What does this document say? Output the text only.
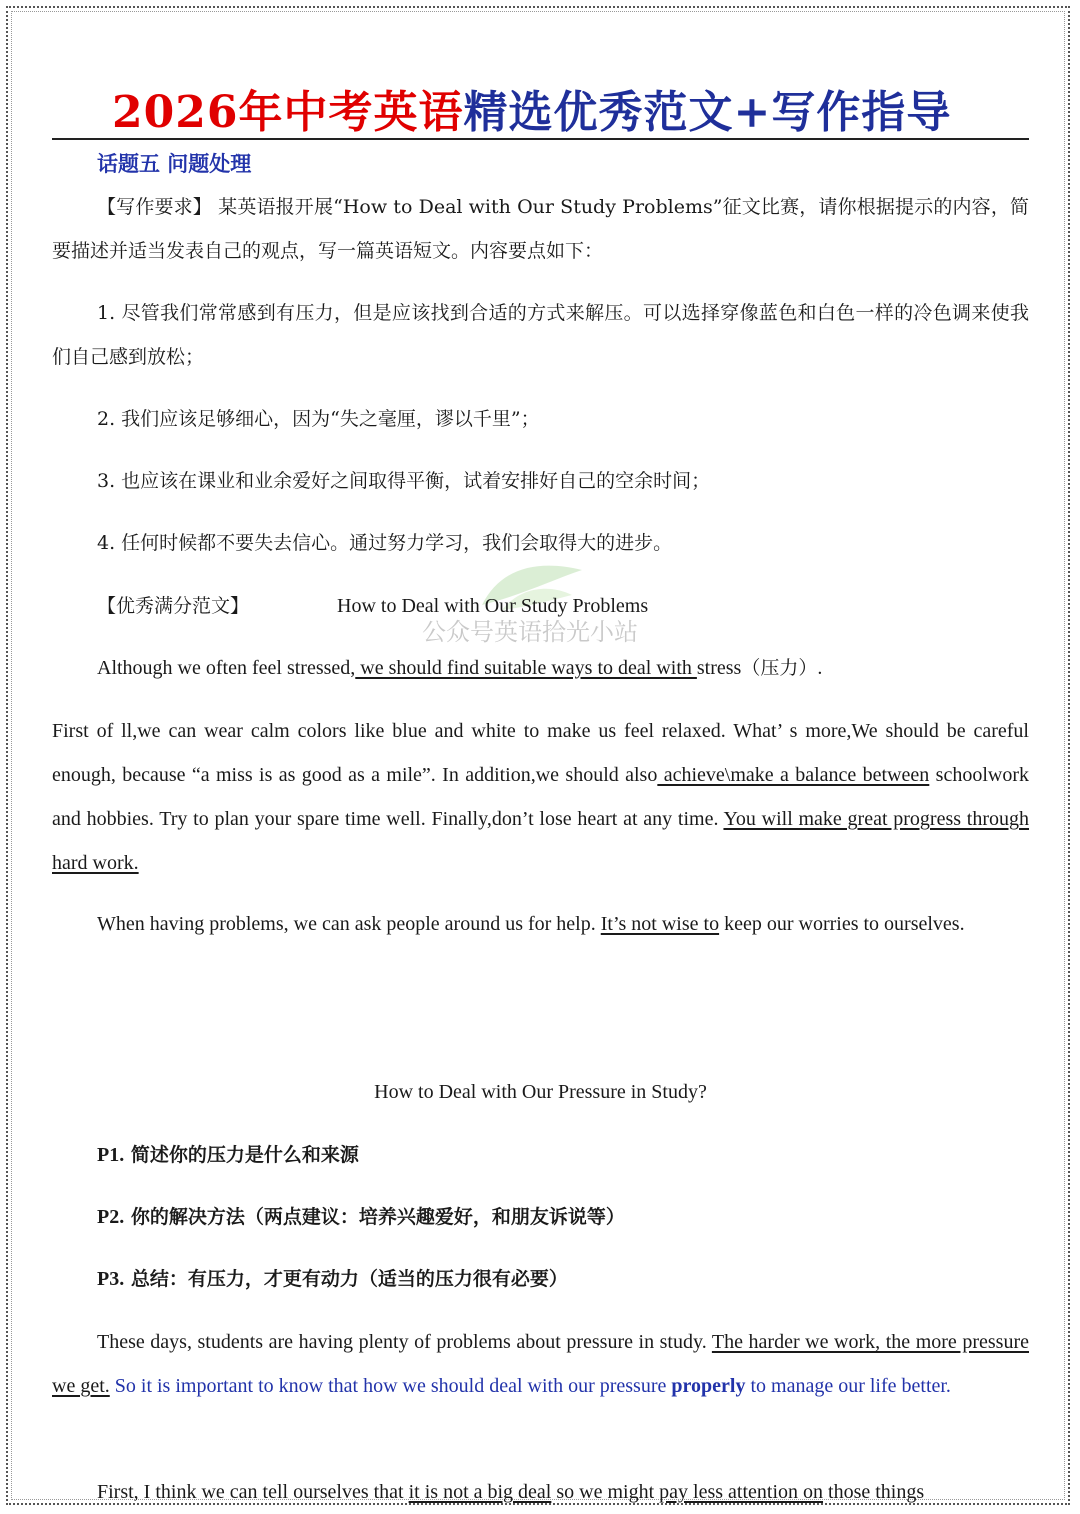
2026年中考英语精选优秀范文+写作指导
话题五 问题处理

【写作要求】 某英语报开展“How to Deal with Our Study Problems”征文比赛，请你根据提示的内容，简要描述并适当发表自己的观点，写一篇英语短文。内容要点如下：

1. 尽管我们常常感到有压力，但是应该找到合适的方式来解压。可以选择穿像蓝色和白色一样的冷色调来使我们自己感到放松；

2. 我们应该足够细心，因为“失之毫厘，谬以千里”；

3. 也应该在课业和业余爱好之间取得平衡，试着安排好自己的空余时间；

4. 任何时候都不要失去信心。通过努力学习，我们会取得大的进步。

【优秀满分范文】	How to Deal with Our Study Problems
公众号英语拾光小站

Although we often feel stressed, we should find suitable ways to deal with stress（压力）.

First of ll,we can wear calm colors like blue and white to make us feel relaxed. What’ s more,We should be careful enough, because “a miss is as good as a mile”. In addition,we should also achieve\make a balance between schoolwork and hobbies. Try to plan your spare time well. Finally,don’t lose heart at any time. You will make great progress through hard work.

When having problems, we can ask people around us for help. It’s not wise to keep our worries to ourselves.

How to Deal with Our Pressure in Study?
P1. 简述你的压力是什么和来源
P2. 你的解决方法（两点建议：培养兴趣爱好，和朋友诉说等）
P3. 总结：有压力，才更有动力（适当的压力很有必要）

These days, students are having plenty of problems about pressure in study. The harder we work, the more pressure we get. So it is important to know that how we should deal with our pressure properly to manage our life better.

First, I think we can tell ourselves that it is not a big deal so we might pay less attention on those things
